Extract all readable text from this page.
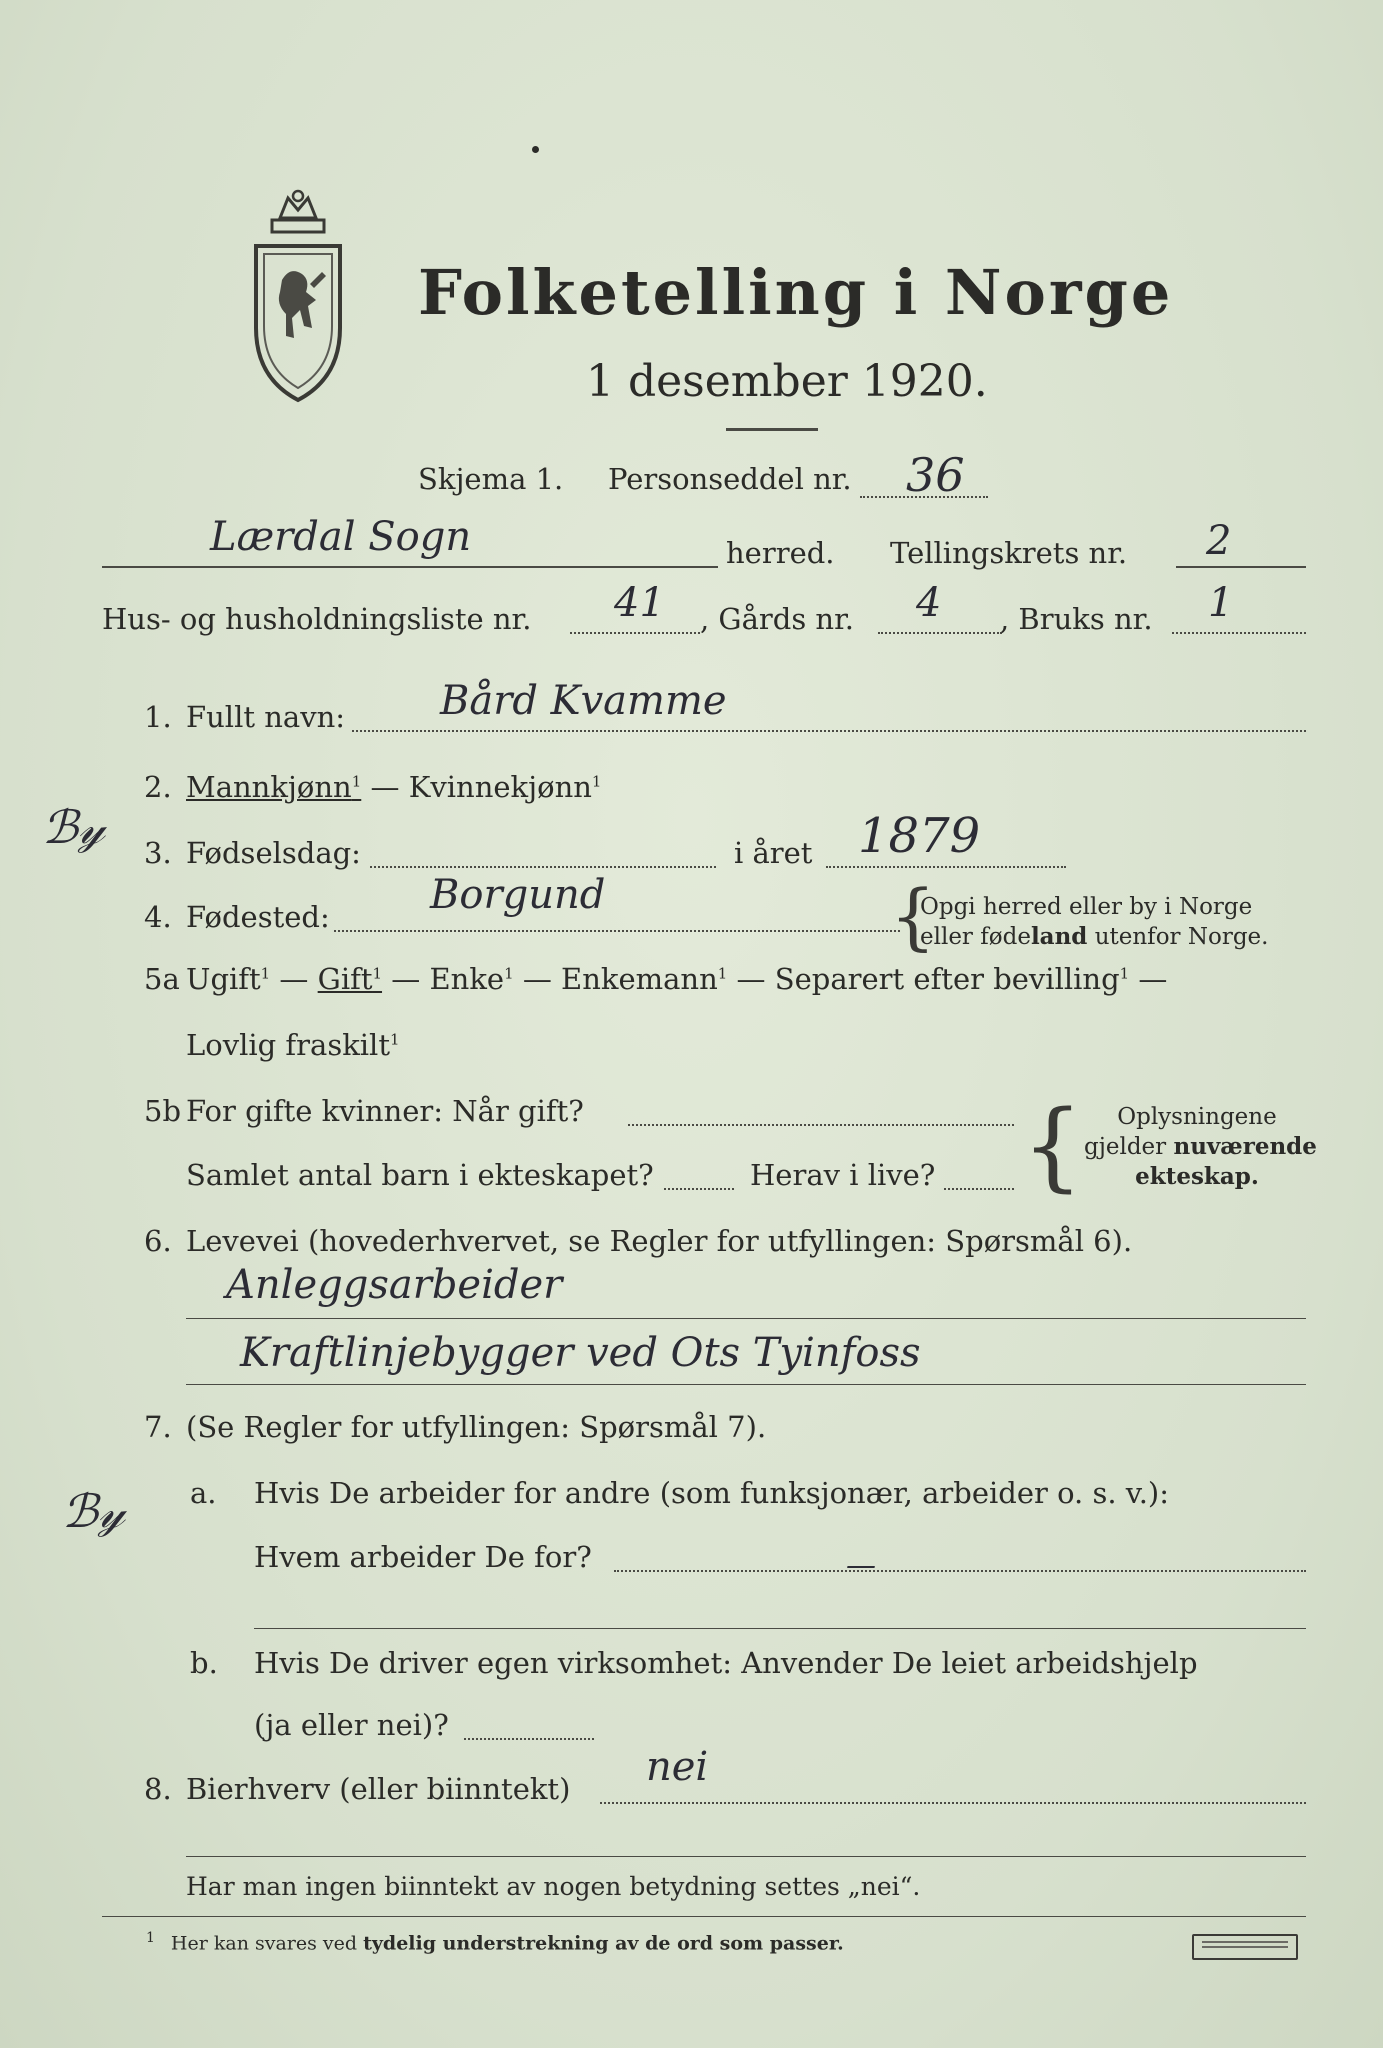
Folketelling i Norge
1 desember 1920.
Skjema 1. Personseddel nr. 36
Lærdal Sogn	herred. Tellingskrets nr. 2
Hus- og husholdningsliste nr. 41 , Gårds nr. 4 , Bruks nr. 1
1. Fullt navn: Bård Kvamme
2. Mannkjønn$^1$ — Kvinnekjønn$^1$
ℬ𝓎
ℬ𝓎
3. Fødselsdag:	i året 1879
4. Fødested:	Borgund	{
Opgi herred eller by i Norge
eller fødeland utenfor Norge.
5a Ugift$^1$ — Gift$^1$ — Enke$^1$ — Enkemann$^1$ — Separert efter bevilling$^1$ —
Lovlig fraskilt$^1$
5b For gifte kvinner: Når gift?
Samlet antal barn i ekteskapet?	Herav i live? {	Oplysningene
gjelder nuværende
ekteskap.
6. Levevei (hovederhvervet, se Regler for utfyllingen: Spørsmål 6).
Anleggsarbeider
Kraftlinjebygger ved Ots Tyinfoss
7. (Se Regler for utfyllingen: Spørsmål 7).
a. Hvis De arbeider for andre (som funksjonær, arbeider o. s. v.):
Hvem arbeider De for?	—
b. Hvis De driver egen virksomhet: Anvender De leiet arbeidshjelp
(ja eller nei)?
8. Bierhverv (eller biinntekt) nei
Har man ingen biinntekt av nogen betydning settes „nei“.
$^1$ Her kan svares ved tydelig understrekning av de ord som passer.
